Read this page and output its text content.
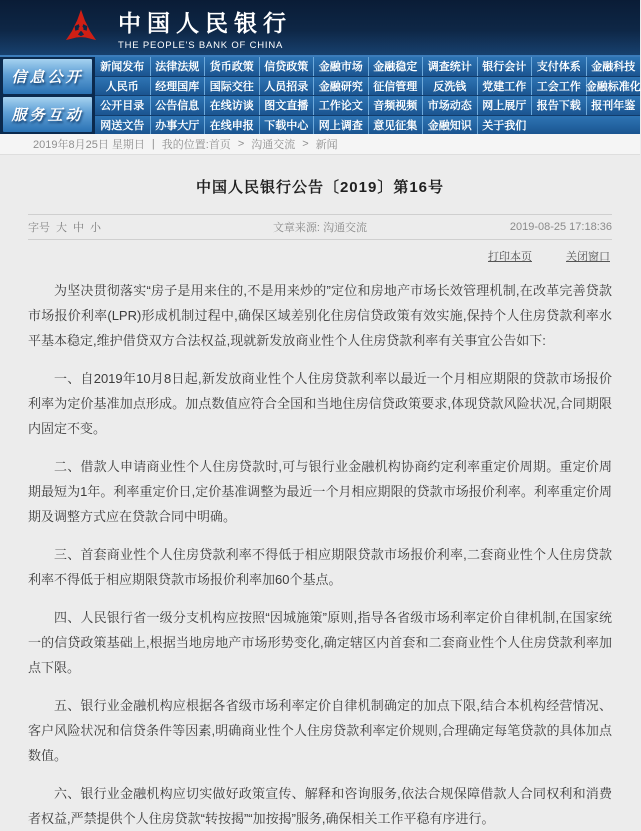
中国人民银行
THE PEOPLE'S BANK OF CHINA
信息公开
服务互动
新闻发布	法律法规 货币政策 信贷政策 金融市场 金融稳定 调查统计 银行会计 支付体系 金融科技
人民币	经理国库 国际交往 人员招录 金融研究 征信管理	反洗钱	党建工作 工会工作 金融标准化
公开目录	公告信息 在线访谈 图文直播 工作论文 音频视频 市场动态 网上展厅 报告下载 报刊年鉴
网送文告	办事大厅 在线申报 下载中心 网上调查 意见征集 金融知识 关于我们
2019年8月25日 星期日 | 我的位置: 首页 > 沟通交流 > 新闻
中国人民银行公告〔2019〕第16号
字号 大 中 小	文章来源: 沟通交流	2019-08-25 17:18:36
打印本页	关闭窗口

为坚决贯彻落实“房子是用来住的,不是用来炒的”定位和房地产市场长效管理机制,在改革完善贷款市场报价利率(LPR)形成机制过程中,确保区域差别化住房信贷政策有效实施,保持个人住房贷款利率水平基本稳定,维护借贷双方合法权益,现就新发放商业性个人住房贷款利率有关事宜公告如下:

一、自2019年10月8日起,新发放商业性个人住房贷款利率以最近一个月相应期限的贷款市场报价利率为定价基准加点形成。加点数值应符合全国和当地住房信贷政策要求,体现贷款风险状况,合同期限内固定不变。

二、借款人申请商业性个人住房贷款时,可与银行业金融机构协商约定利率重定价周期。重定价周期最短为1年。利率重定价日,定价基准调整为最近一个月相应期限的贷款市场报价利率。利率重定价周期及调整方式应在贷款合同中明确。

三、首套商业性个人住房贷款利率不得低于相应期限贷款市场报价利率,二套商业性个人住房贷款利率不得低于相应期限贷款市场报价利率加60个基点。

四、人民银行省一级分支机构应按照“因城施策”原则,指导各省级市场利率定价自律机制,在国家统一的信贷政策基础上,根据当地房地产市场形势变化,确定辖区内首套和二套商业性个人住房贷款利率加点下限。

五、银行业金融机构应根据各省级市场利率定价自律机制确定的加点下限,结合本机构经营情况、客户风险状况和信贷条件等因素,明确商业性个人住房贷款利率定价规则,合理确定每笔贷款的具体加点数值。

六、银行业金融机构应切实做好政策宣传、解释和咨询服务,依法合规保障借款人合同权利和消费者权益,严禁提供个人住房贷款“转按揭”“加按揭”服务,确保相关工作平稳有序进行。
